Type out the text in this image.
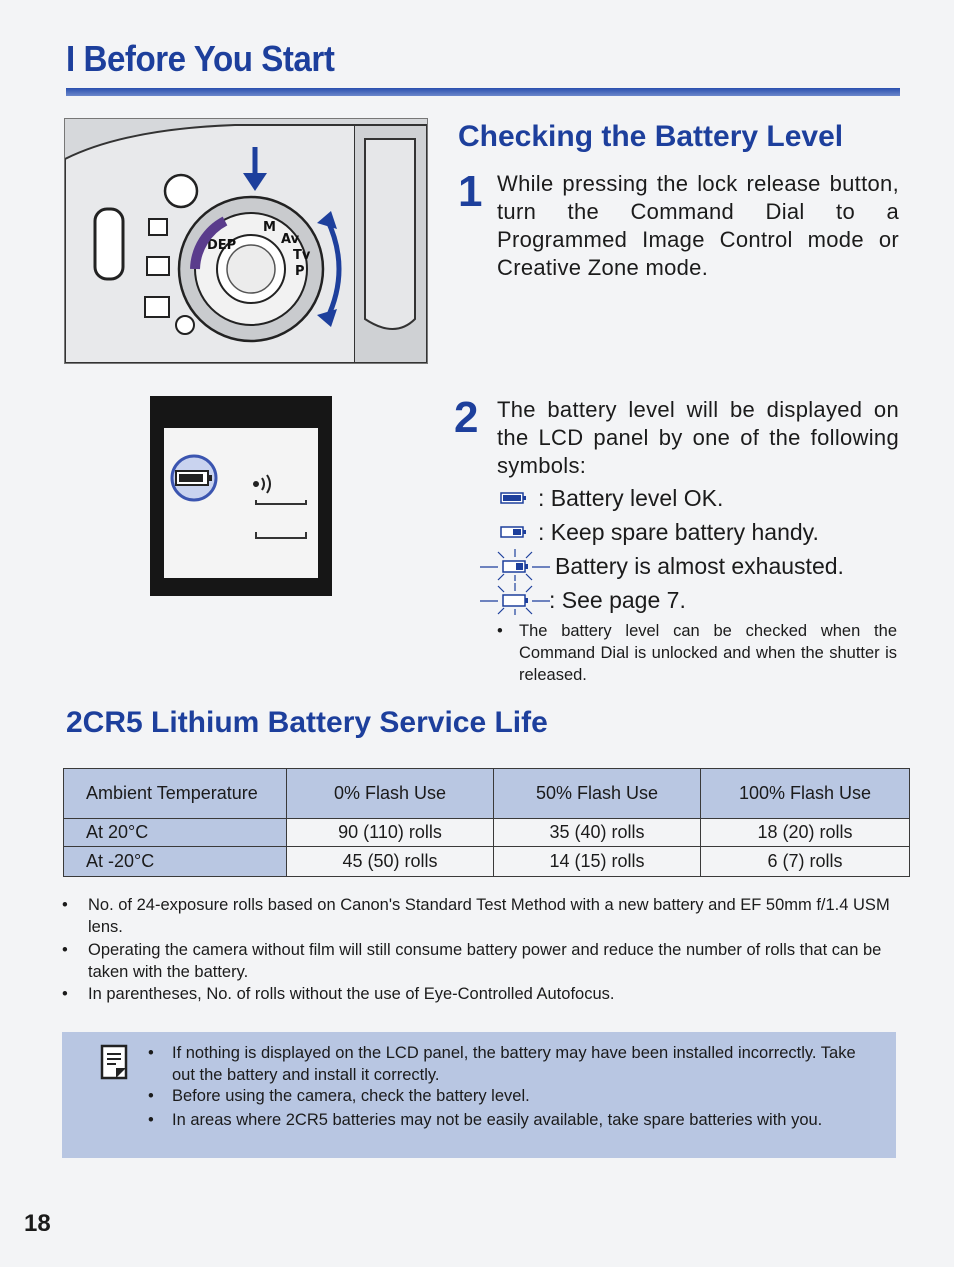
I Before You Start
DEP
M
Av
Tv
P
Checking the Battery Level
1 While pressing the lock release button, turn the Command Dial to a Programmed Image Control mode or Creative Zone mode.
2 The battery level will be displayed on the LCD panel by one of the following symbols:
: Battery level OK.
: Keep spare battery handy.
Battery is almost exhausted.
: See page 7.
• The battery level can be checked when the Command Dial is unlocked and when the shutter is released.
2CR5 Lithium Battery Service Life
Ambient Temperature	0% Flash Use	50% Flash Use	100% Flash Use
At 20°C	90 (110) rolls	35 (40) rolls	18 (20) rolls
At -20°C	45 (50) rolls	14 (15) rolls	6 (7) rolls
• No. of 24-exposure rolls based on Canon's Standard Test Method with a new battery and EF 50mm f/1.4 USM lens.
• Operating the camera without film will still consume battery power and reduce the number of rolls that can be taken with the battery.
• In parentheses, No. of rolls without the use of Eye-Controlled Autofocus.
• If nothing is displayed on the LCD panel, the battery may have been installed incorrectly. Take out the battery and install it correctly.
• Before using the camera, check the battery level.
• In areas where 2CR5 batteries may not be easily available, take spare batteries with you.
18
